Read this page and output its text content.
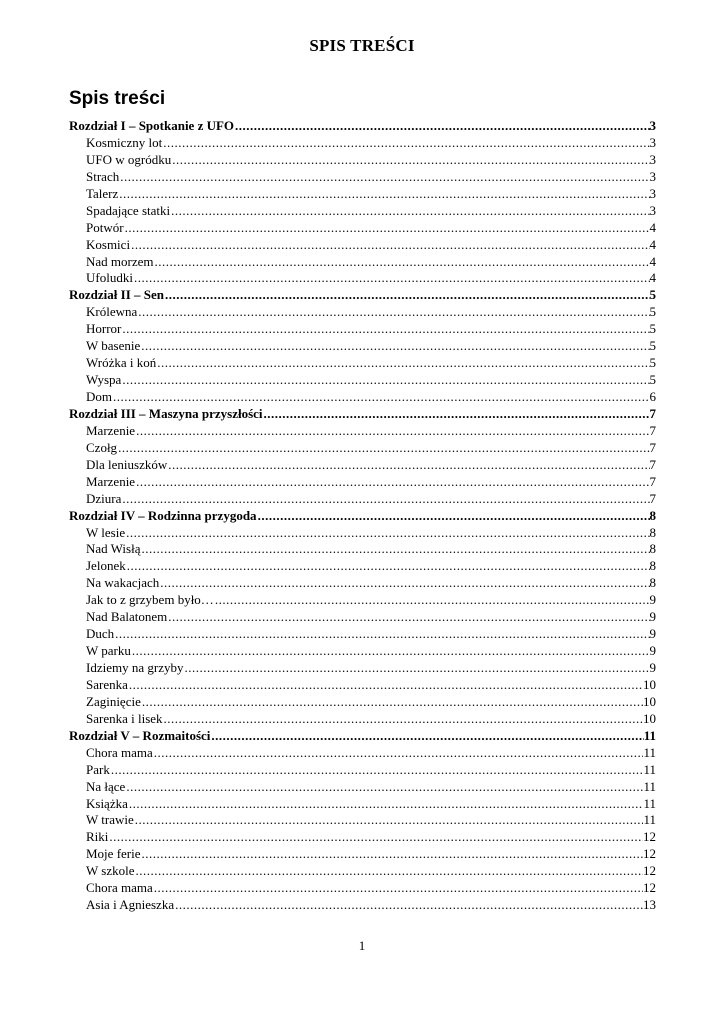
SPIS TREŚCI
Spis treści
Rozdział I – Spotkanie z UFO .....	3
Kosmiczny lot .....	3
UFO w ogródku .....	3
Strach .....	3
Talerz .....	3
Spadające statki .....	3
Potwór .....	4
Kosmici .....	4
Nad morzem .....	4
Ufoludki .....	4
Rozdział II – Sen .....	5
Królewna .....	5
Horror .....	5
W basenie .....	5
Wróżka i koń .....	5
Wyspa .....	5
Dom .....	6
Rozdział III – Maszyna przyszłości .....	7
Marzenie .....	7
Czołg .....	7
Dla leniuszków .....	7
Marzenie .....	7
Dziura .....	7
Rozdział IV – Rodzinna przygoda .....	8
W lesie .....	8
Nad Wisłą .....	8
Jelonek .....	8
Na wakacjach .....	8
Jak to z grzybem było… .....	9
Nad Balatonem .....	9
Duch .....	9
W parku .....	9
Idziemy na grzyby .....	9
Sarenka .....	10
Zaginięcie .....	10
Sarenka i lisek .....	10
Rozdział V – Rozmaitości .....	11
Chora mama .....	11
Park .....	11
Na łące .....	11
Książka .....	11
W trawie .....	11
Riki .....	12
Moje ferie .....	12
W szkole .....	12
Chora mama .....	12
Asia i Agnieszka .....	13
1
